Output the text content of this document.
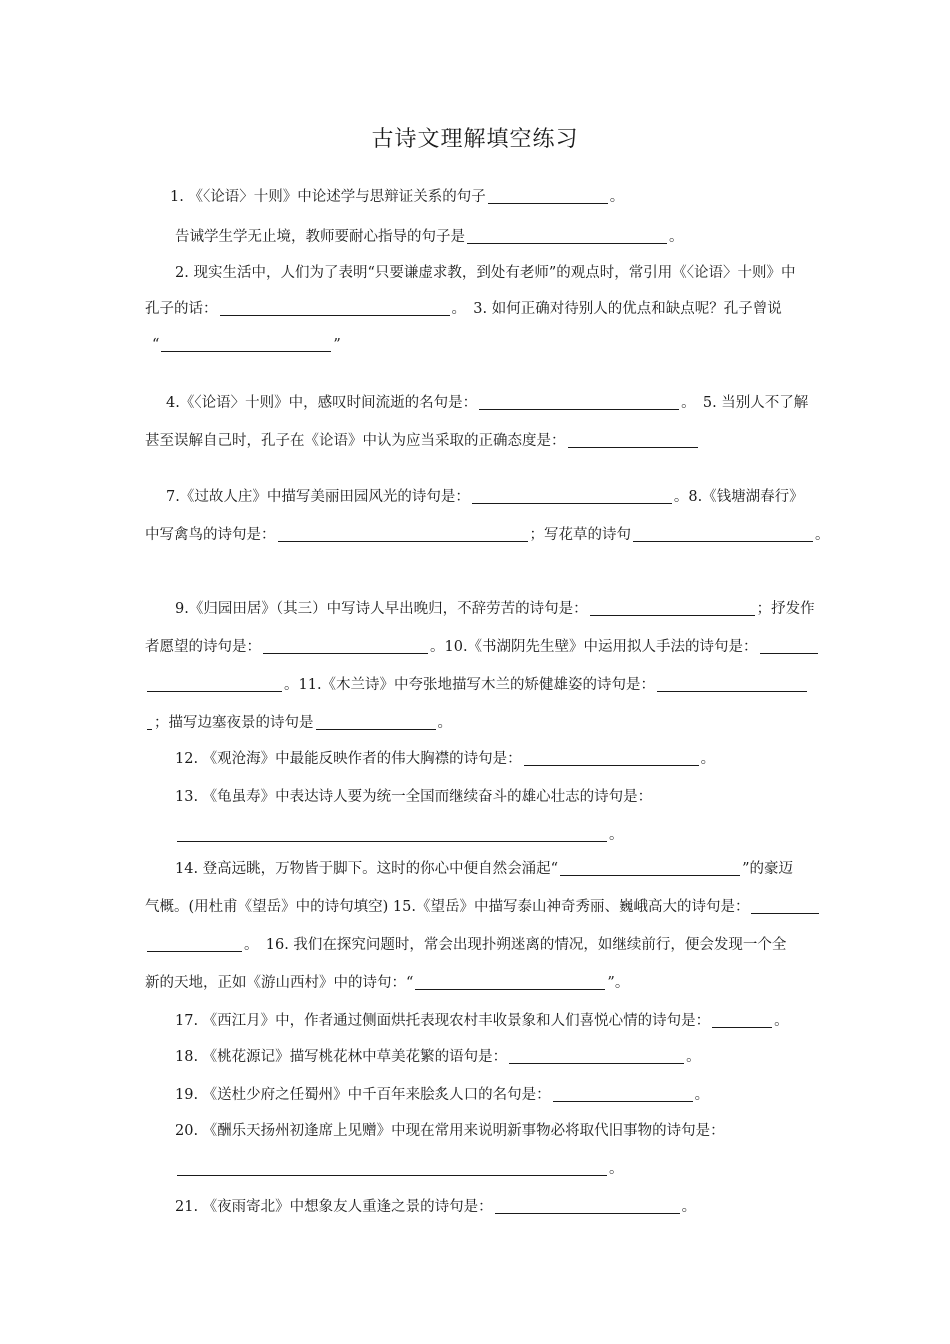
古诗文理解填空练习
1. 《〈论语〉十则》中论述学与思辩证关系的句子	。
告诫学生学无止境，教师要耐心指导的句子是	。
2. 现实生活中，人们为了表明“只要谦虚求教，到处有老师”的观点时，常引用《〈论语〉十则》中
孔子的话：	。　3. 如何正确对待别人的优点和缺点呢？孔子曾说
“	”
4.《〈论语〉十则》中，感叹时间流逝的名句是：	。　5. 当别人不了解
甚至误解自己时，孔子在《论语》中认为应当采取的正确态度是：
7.《过故人庄》中描写美丽田园风光的诗句是：	。8.《钱塘湖春行》
中写禽鸟的诗句是：	；写花草的诗句	。
9.《归园田居》（其三）中写诗人早出晚归，不辞劳苦的诗句是：	；抒发作
者愿望的诗句是：	。10.《书湖阴先生壁》中运用拟人手法的诗句是：
。11.《木兰诗》中夸张地描写木兰的矫健雄姿的诗句是：
；描写边塞夜景的诗句是	。
12. 《观沧海》中最能反映作者的伟大胸襟的诗句是：	。
13. 《龟虽寿》中表达诗人要为统一全国而继续奋斗的雄心壮志的诗句是：
。
14. 登高远眺，万物皆于脚下。这时的你心中便自然会涌起“	”的豪迈
气概。(用杜甫《望岳》中的诗句填空) 15.《望岳》中描写泰山神奇秀丽、巍峨高大的诗句是：
。　16. 我们在探究问题时，常会出现扑朔迷离的情况，如继续前行，便会发现一个全
新的天地，正如《游山西村》中的诗句：“	”。
17. 《西江月》中，作者通过侧面烘托表现农村丰收景象和人们喜悦心情的诗句是：	。
18. 《桃花源记》描写桃花林中草美花繁的语句是：	。
19. 《送杜少府之任蜀州》中千百年来脍炙人口的名句是：	。
20. 《酬乐天扬州初逢席上见赠》中现在常用来说明新事物必将取代旧事物的诗句是：
。
21. 《夜雨寄北》中想象友人重逢之景的诗句是：	。
